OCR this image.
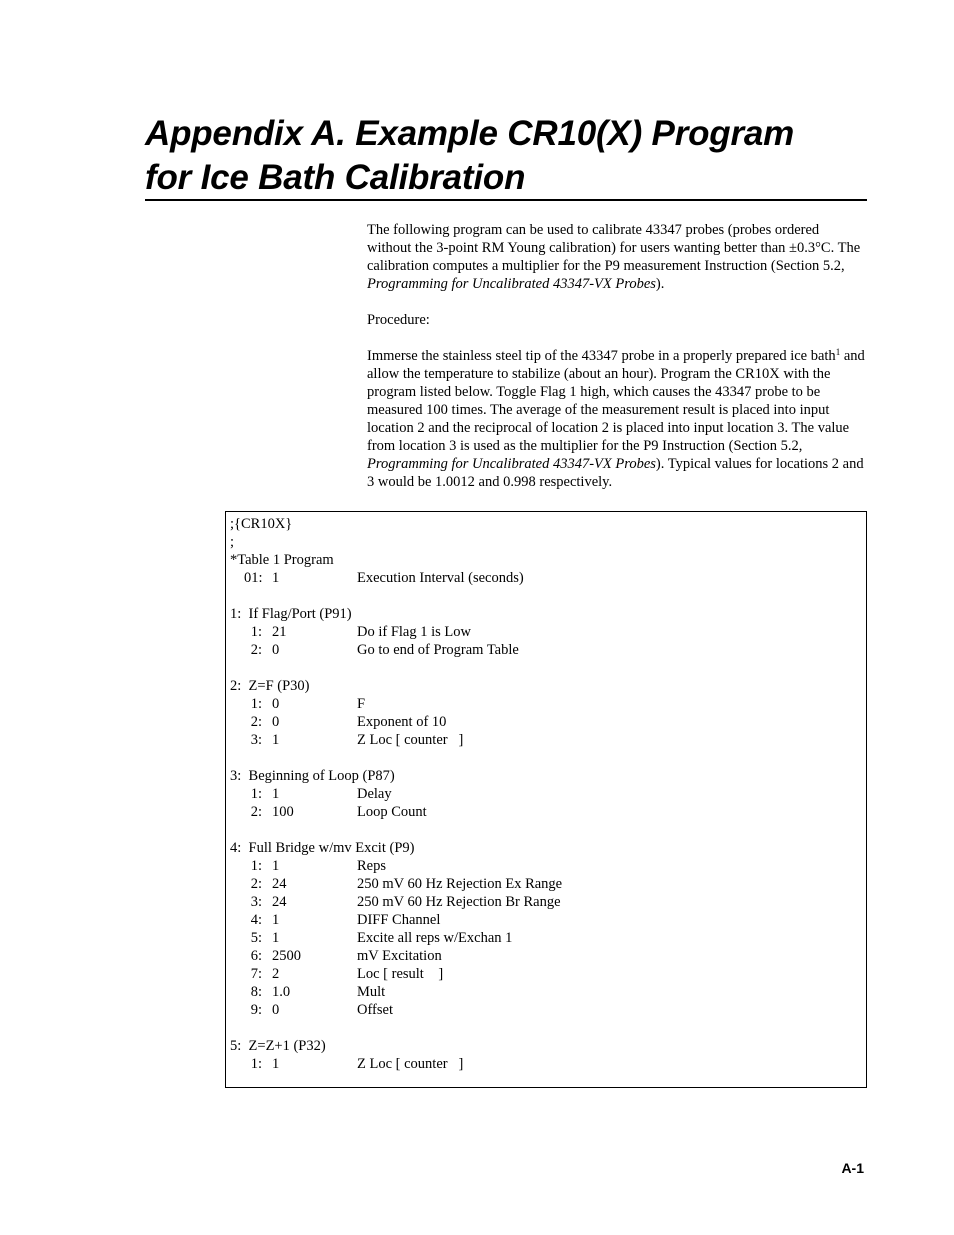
Appendix A. Example CR10(X) Program
for Ice Bath Calibration

The following program can be used to calibrate 43347 probes (probes ordered without the 3-point RM Young calibration) for users wanting better than ±0.3°C. The calibration computes a multiplier for the P9 measurement Instruction (Section 5.2, Programming for Uncalibrated 43347-VX Probes).

Procedure:

Immerse the stainless steel tip of the 43347 probe in a properly prepared ice bath$^1$ and allow the temperature to stabilize (about an hour). Program the CR10X with the program listed below. Toggle Flag 1 high, which causes the 43347 probe to be measured 100 times. The average of the measurement result is placed into input location 2 and the reciprocal of location 2 is placed into input location 3. The value from location 3 is used as the multiplier for the P9 Instruction (Section 5.2, Programming for Uncalibrated 43347-VX Probes). Typical values for locations 2 and 3 would be 1.0012 and 0.998 respectively.

;{CR10X}
;
*Table 1 Program
01: 1	Execution Interval (seconds)
1:  If Flag/Port (P91)
1: 21	Do if Flag 1 is Low
2: 0	Go to end of Program Table
2:  Z=F (P30)
1: 0	F
2: 0	Exponent of 10
3: 1	Z Loc [ counter   ]
3:  Beginning of Loop (P87)
1: 1	Delay
2: 100	Loop Count
4:  Full Bridge w/mv Excit (P9)
1: 1	Reps
2: 24	250 mV 60 Hz Rejection Ex Range
3: 24	250 mV 60 Hz Rejection Br Range
4: 1	DIFF Channel
5: 1	Excite all reps w/Exchan 1
6: 2500	mV Excitation
7: 2	Loc [ result    ]
8: 1.0	Mult
9: 0	Offset
5:  Z=Z+1 (P32)
1: 1	Z Loc [ counter   ]
A-1
